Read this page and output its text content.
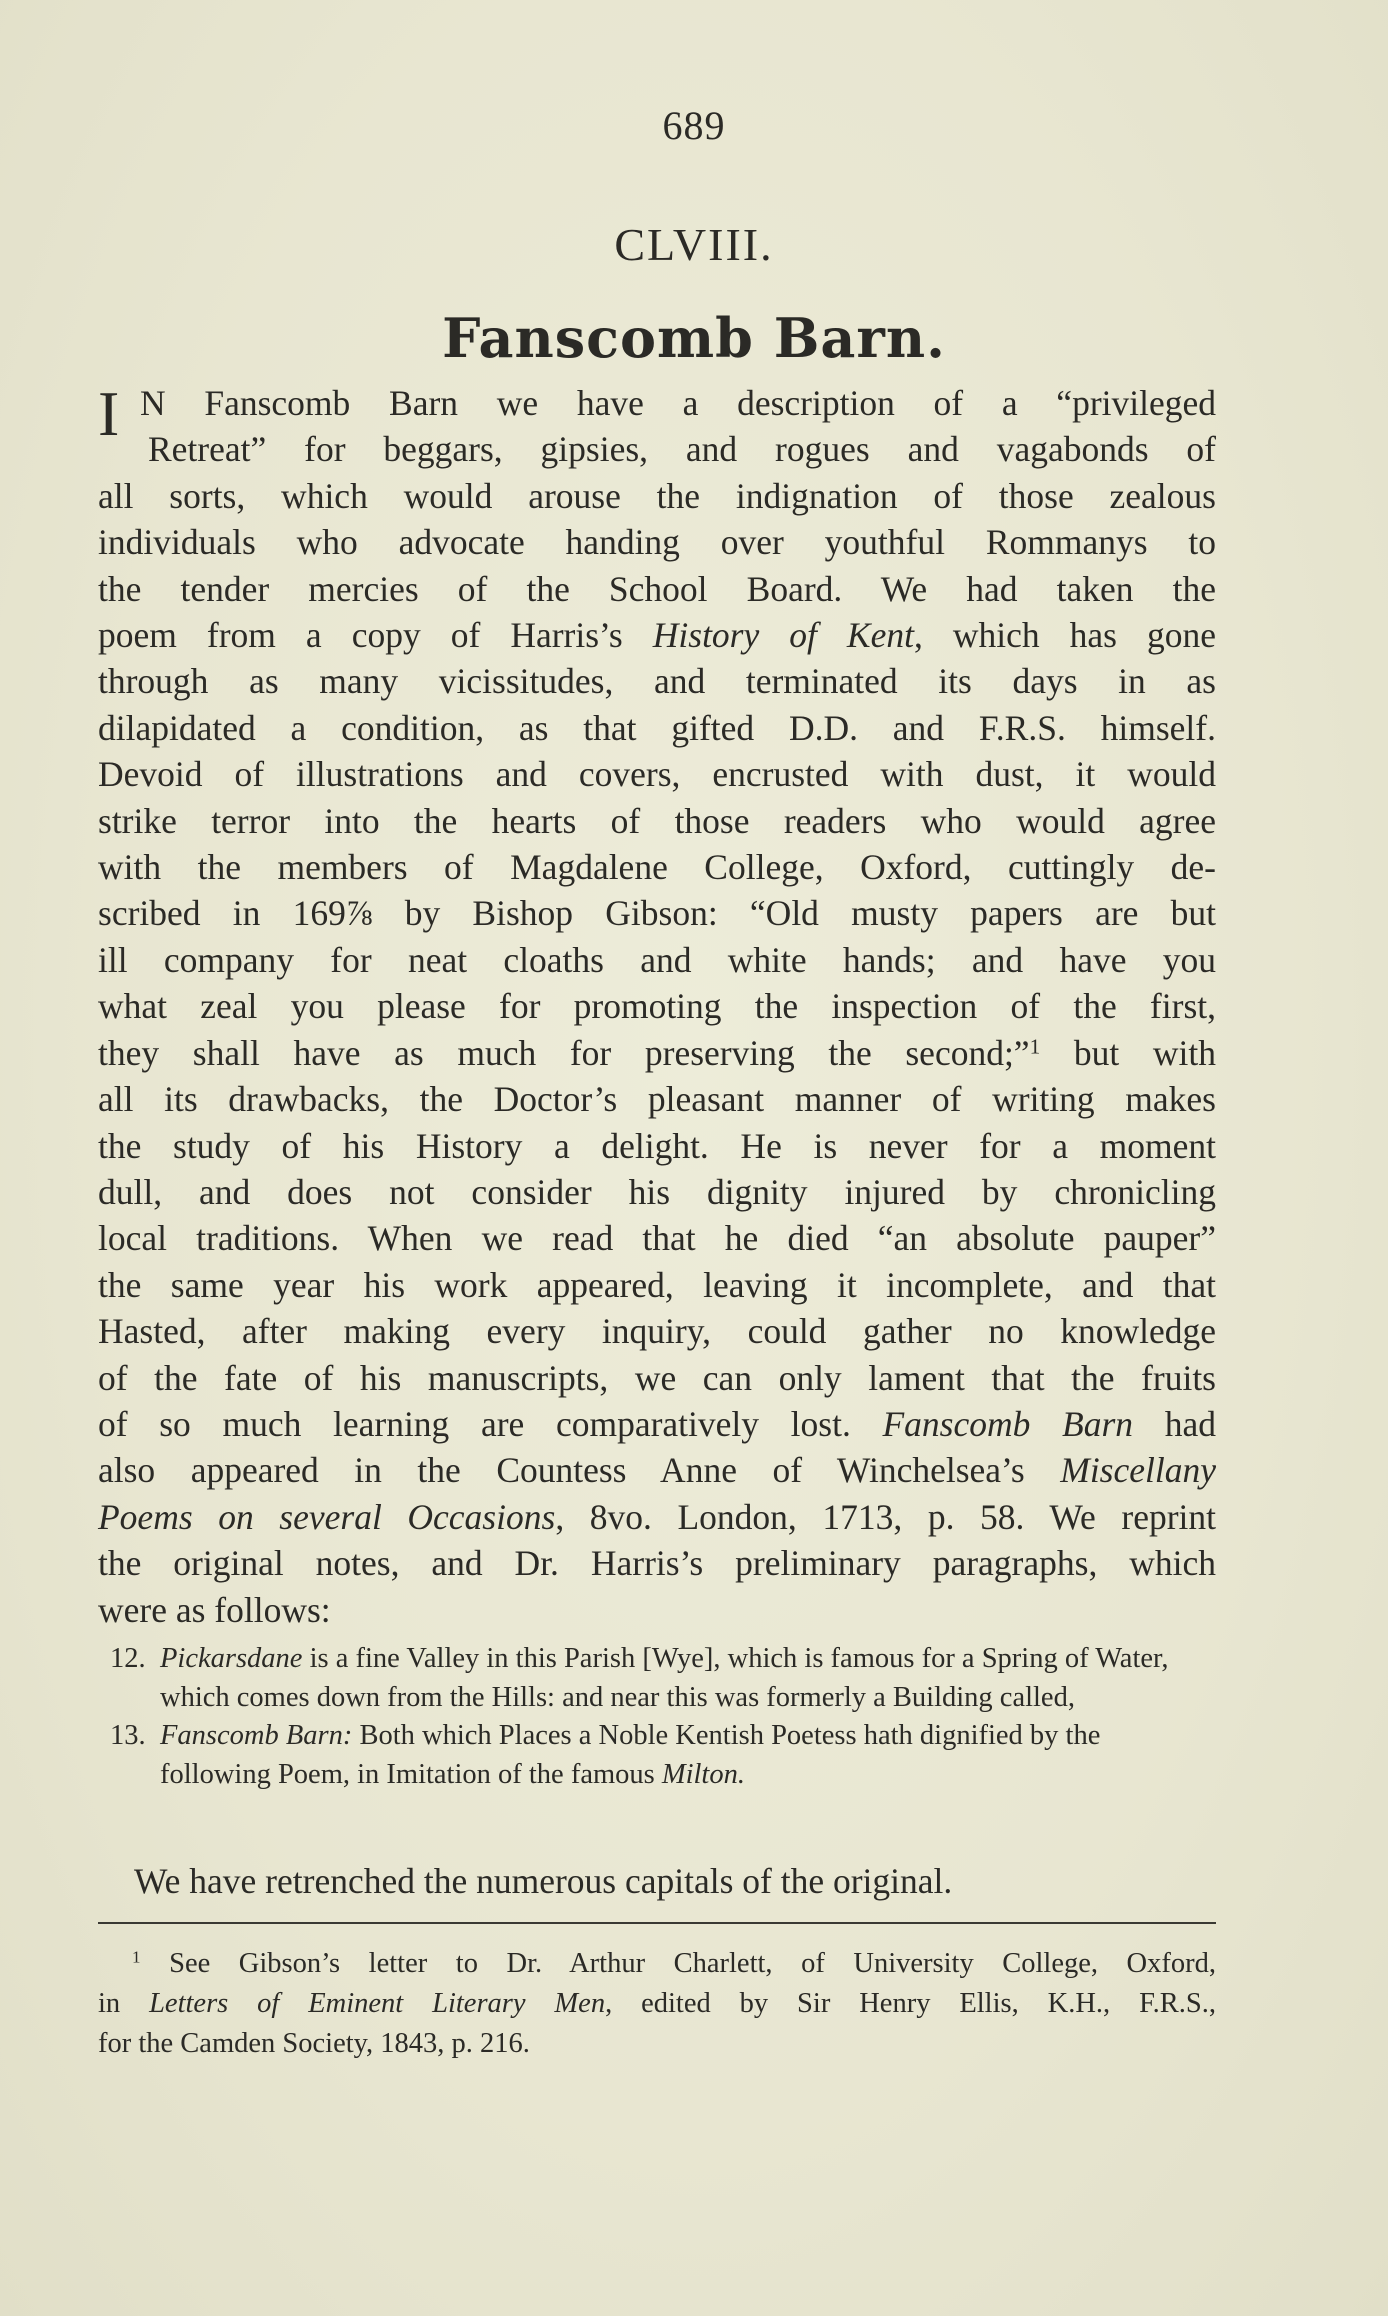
689
CLVIII.
Fanscomb Barn.
I N Fanscomb Barn we have a description of a “privileged
Retreat” for beggars, gipsies, and rogues and vagabonds of
all sorts, which would arouse the indignation of those zealous
individuals who advocate handing over youthful Rommanys to
the tender mercies of the School Board. We had taken the
poem from a copy of Harris’s History of Kent, which has gone
through as many vicissitudes, and terminated its days in as
dilapidated a condition, as that gifted D.D. and F.R.S. himself.
Devoid of illustrations and covers, encrusted with dust, it would
strike terror into the hearts of those readers who would agree
with the members of Magdalene College, Oxford, cuttingly de-
scribed in 169⅞ by Bishop Gibson: “Old musty papers are but
ill company for neat cloaths and white hands; and have you
what zeal you please for promoting the inspection of the first,
they shall have as much for preserving the second;”$^1$ but with
all its drawbacks, the Doctor’s pleasant manner of writing makes
the study of his History a delight. He is never for a moment
dull, and does not consider his dignity injured by chronicling
local traditions. When we read that he died “an absolute pauper”
the same year his work appeared, leaving it incomplete, and that
Hasted, after making every inquiry, could gather no knowledge
of the fate of his manuscripts, we can only lament that the fruits
of so much learning are comparatively lost. Fanscomb Barn had
also appeared in the Countess Anne of Winchelsea’s Miscellany
Poems on several Occasions, 8vo. London, 1713, p. 58. We reprint
the original notes, and Dr. Harris’s preliminary paragraphs, which
were as follows:
12. Pickarsdane is a fine Valley in this Parish [Wye], which is famous for a Spring of Water, which comes down from the Hills: and near this was formerly a Building called,
13. Fanscomb Barn: Both which Places a Noble Kentish Poetess hath dignified by the following Poem, in Imitation of the famous Milton.
We have retrenched the numerous capitals of the original.
$^1$ See Gibson’s letter to Dr. Arthur Charlett, of University College, Oxford,
in Letters of Eminent Literary Men, edited by Sir Henry Ellis, K.H., F.R.S.,
for the Camden Society, 1843, p. 216.
